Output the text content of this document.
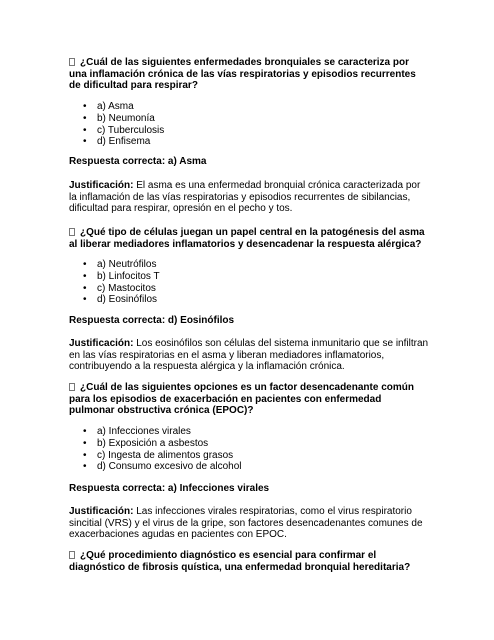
¿Cuál de las siguientes enfermedades bronquiales se caracteriza por una inflamación crónica de las vías respiratorias y episodios recurrentes de dificultad para respirar?
• a) Asma
• b) Neumonía
• c) Tuberculosis
• d) Enfisema
Respuesta correcta: a) Asma
Justificación: El asma es una enfermedad bronquial crónica caracterizada por la inflamación de las vías respiratorias y episodios recurrentes de sibilancias, dificultad para respirar, opresión en el pecho y tos.
¿Qué tipo de células juegan un papel central en la patogénesis del asma al liberar mediadores inflamatorios y desencadenar la respuesta alérgica?
• a) Neutrófilos
• b) Linfocitos T
• c) Mastocitos
• d) Eosinófilos
Respuesta correcta: d) Eosinófilos
Justificación: Los eosinófilos son células del sistema inmunitario que se infiltran en las vías respiratorias en el asma y liberan mediadores inflamatorios, contribuyendo a la respuesta alérgica y la inflamación crónica.
¿Cuál de las siguientes opciones es un factor desencadenante común para los episodios de exacerbación en pacientes con enfermedad pulmonar obstructiva crónica (EPOC)?
• a) Infecciones virales
• b) Exposición a asbestos
• c) Ingesta de alimentos grasos
• d) Consumo excesivo de alcohol
Respuesta correcta: a) Infecciones virales
Justificación: Las infecciones virales respiratorias, como el virus respiratorio sincitial (VRS) y el virus de la gripe, son factores desencadenantes comunes de exacerbaciones agudas en pacientes con EPOC.
¿Qué procedimiento diagnóstico es esencial para confirmar el diagnóstico de fibrosis quística, una enfermedad bronquial hereditaria?
